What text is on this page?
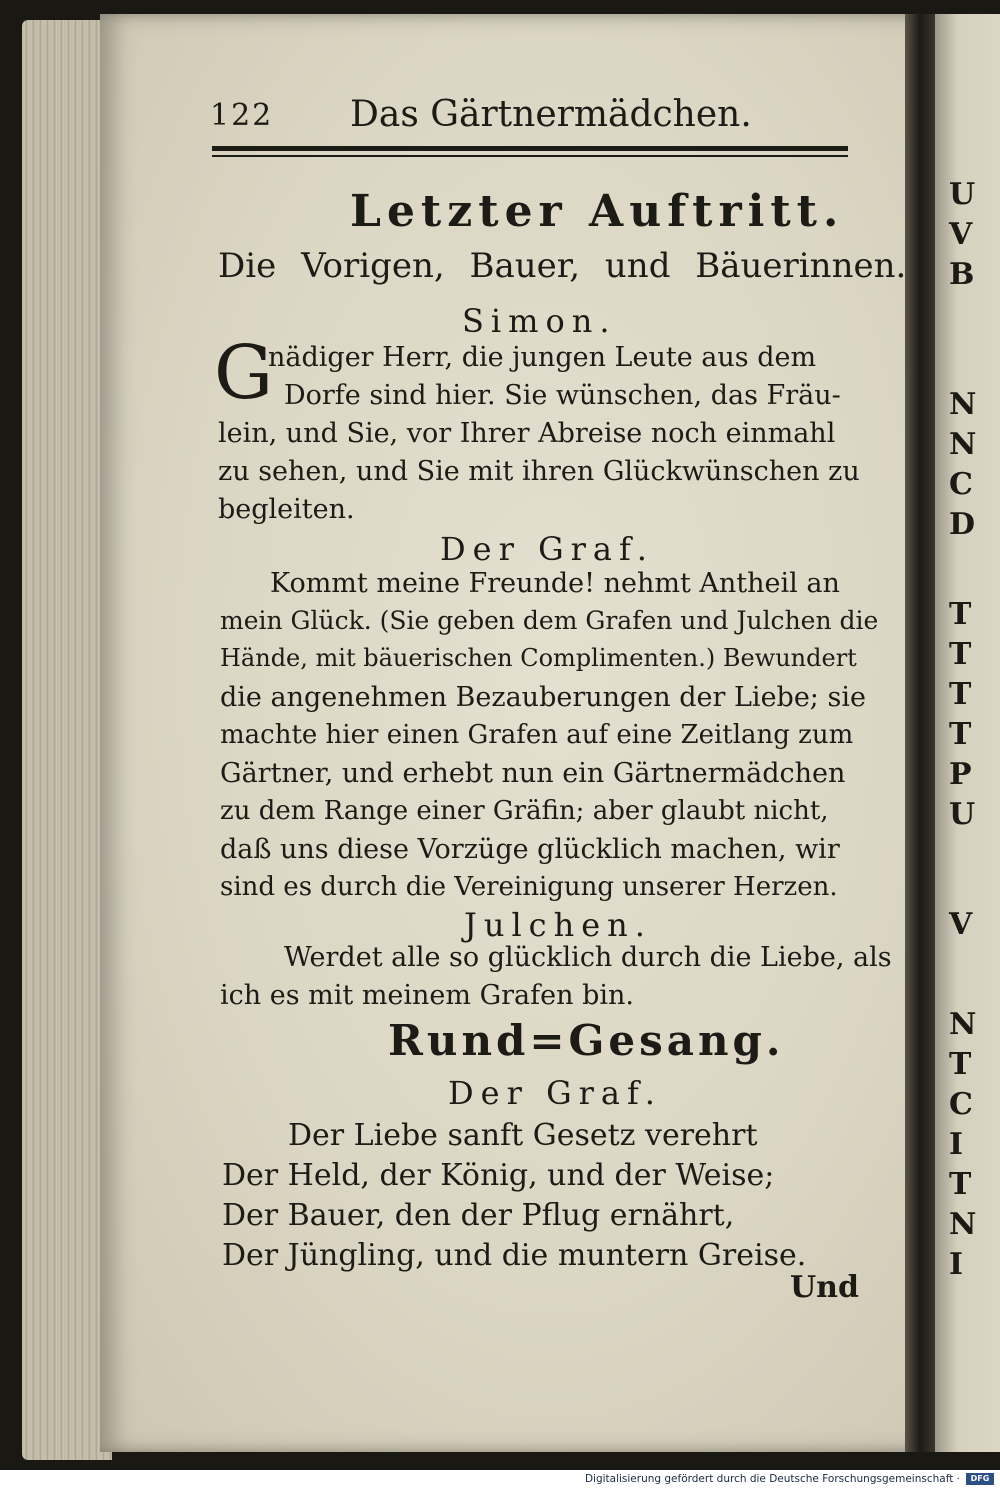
U
V
B
N
N
C
D
T
T
T
T
P
U
V
N
T
C
I
T
N
I
122 Das Gärtnermädchen.
Letzter Auftritt.
Die Vorigen, Bauer, und Bäuerinnen.
Simon.
G
nädiger Herr, die jungen Leute aus dem
Dorfe sind hier. Sie wünschen, das Fräu-
lein, und Sie, vor Ihrer Abreise noch einmahl
zu sehen, und Sie mit ihren Glückwünschen zu
begleiten.
Der Graf.
Kommt meine Freunde! nehmt Antheil an
mein Glück. (Sie geben dem Grafen und Julchen die
Hände, mit bäuerischen Complimenten.) Bewundert
die angenehmen Bezauberungen der Liebe; sie
machte hier einen Grafen auf eine Zeitlang zum
Gärtner, und erhebt nun ein Gärtnermädchen
zu dem Range einer Gräfin; aber glaubt nicht,
daß uns diese Vorzüge glücklich machen, wir
sind es durch die Vereinigung unserer Herzen.
Julchen.
Werdet alle so glücklich durch die Liebe, als
ich es mit meinem Grafen bin.
Rund=Gesang.
Der Graf.
Der Liebe sanft Gesetz verehrt
Der Held, der König, und der Weise;
Der Bauer, den der Pflug ernährt,
Der Jüngling, und die muntern Greise.
Und
Digitalisierung gefördert durch die Deutsche Forschungsgemeinschaft ·	DFG
